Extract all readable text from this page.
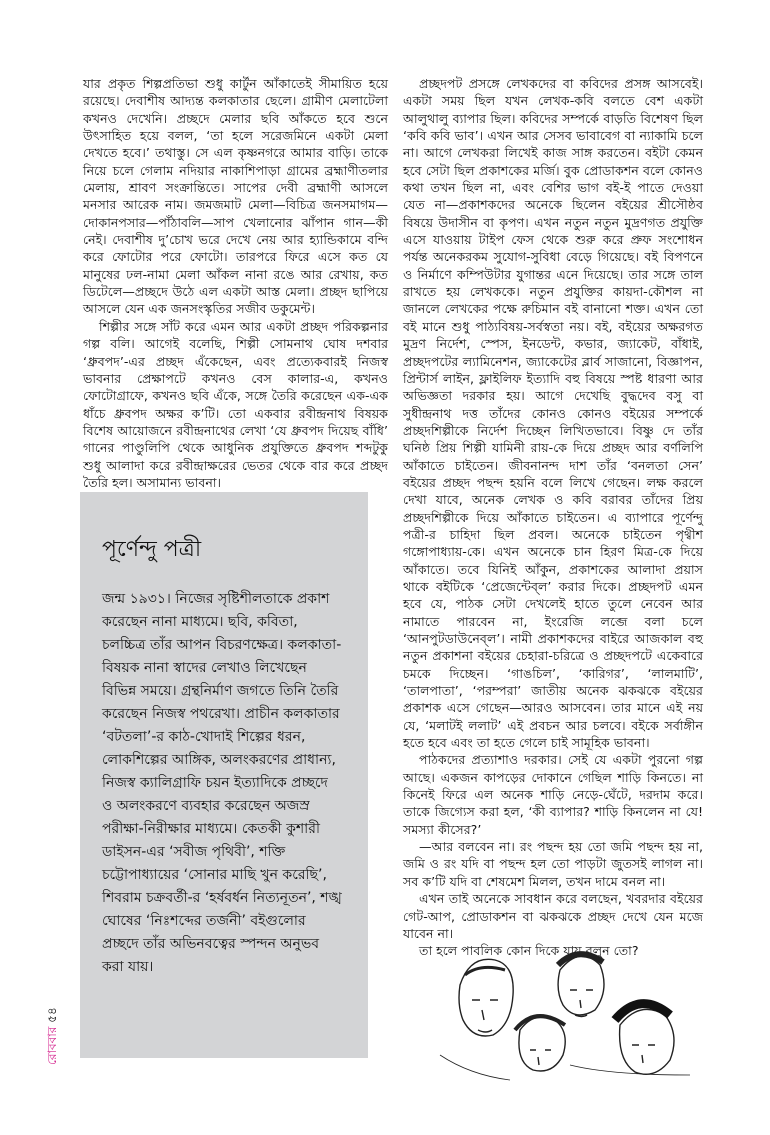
যার প্রকৃত শিল্পপ্রতিভা শুধু কার্টুন আঁকাতেই সীমায়িত হয়ে রয়েছে। দেবাশীষ আদ্যন্ত কলকাতার ছেলে। গ্রামীণ মেলাটেলা কখনও দেখেনি। প্রচ্ছদে মেলার ছবি আঁকতে হবে শুনে উৎসাহিত হয়ে বলল, ‘তা হলে সরেজমিনে একটা মেলা দেখতে হবে।’ তথাস্তু। সে এল কৃষ্ণনগরে আমার বাড়ি। তাকে নিয়ে চলে গেলাম নদিয়ার নাকাশিপাড়া গ্রামের ব্রহ্মাণীতলার মেলায়, শ্রাবণ সংক্রান্তিতে। সাপের দেবী ব্রহ্মাণী আসলে মনসার আরেক নাম। জমজমাট মেলা—বিচিত্র জনসমাগম— দোকানপসার—পাঁঠাবলি—সাপ খেলানোর ঝাঁপান গান—কী নেই। দেবাশীষ দু’চোখ ভরে দেখে নেয় আর হ্যান্ডিকামে বন্দি করে ফোটোর পরে ফোটো। তারপরে ফিরে এসে কত যে মানুষের ঢল-নামা মেলা আঁকল নানা রঙে আর রেখায়, কত ডিটেলে—প্রচ্ছদে উঠে এল একটা আস্ত মেলা। প্রচ্ছদ ছাপিয়ে আসলে যেন এক জনসংস্কৃতির সজীব ডকুমেন্ট।

শিল্পীর সঙ্গে সাঁট করে এমন আর একটা প্রচ্ছদ পরিকল্পনার গল্প বলি। আগেই বলেছি, শিল্পী সোমনাথ ঘোষ দশবার ‘ধ্রুবপদ’-এর প্রচ্ছদ এঁকেছেন, এবং প্রত্যেকবারই নিজস্ব ভাবনার প্রেক্ষাপটে কখনও বেস কালার-এ, কখনও ফোটোগ্রাফে, কখনও ছবি এঁকে, সঙ্গে তৈরি করেছেন এক-এক ধাঁচে ধ্রুবপদ অক্ষর ক’টি। তো একবার রবীন্দ্রনাথ বিষয়ক বিশেষ আয়োজনে রবীন্দ্রনাথের লেখা ‘যে ধ্রুবপদ দিয়েছ বাঁধি’ গানের পাণ্ডুলিপি থেকে আধুনিক প্রযুক্তিতে ধ্রুবপদ শব্দটুকু শুধু আলাদা করে রবীন্দ্রাক্ষরের ভেতর থেকে বার করে প্রচ্ছদ তৈরি হল। অসামান্য ভাবনা।

পূর্ণেন্দু পত্রী
জন্ম ১৯৩১। নিজের সৃষ্টিশীলতাকে প্রকাশ করেছেন নানা মাধ্যমে। ছবি, কবিতা, চলচ্চিত্র তাঁর আপন বিচরণক্ষেত্র। কলকাতা-বিষয়ক নানা স্বাদের লেখাও লিখেছেন বিভিন্ন সময়ে। গ্রন্থনির্মাণ জগতে তিনি তৈরি করেছেন নিজস্ব পথরেখা। প্রাচীন কলকাতার ‘বটতলা’-র কাঠ-খোদাই শিল্পের ধরন, লোকশিল্পের আঙ্গিক, অলংকরণের প্রাধান্য, নিজস্ব ক্যালিগ্রাফি চয়ন ইত্যাদিকে প্রচ্ছদে ও অলংকরণে ব্যবহার করেছেন অজস্র পরীক্ষা-নিরীক্ষার মাধ্যমে। কেতকী কুশারী ডাইসন-এর ‘সবীজ পৃথিবী’, শক্তি চট্টোপাধ্যায়ের ‘সোনার মাছি খুন করেছি’, শিবরাম চক্রবর্তী-র ‘হর্ষবর্ধন নিত্যনূতন’, শঙ্খ ঘোষের ‘নিঃশব্দের তর্জনী’ বইগুলোর প্রচ্ছদে তাঁর অভিনবত্বের স্পন্দন অনুভব করা যায়।

প্রচ্ছদপট প্রসঙ্গে লেখকদের বা কবিদের প্রসঙ্গ আসবেই। একটা সময় ছিল যখন লেখক-কবি বলতে বেশ একটা আলুথালু ব্যাপার ছিল। কবিদের সম্পর্কে বাড়তি বিশেষণ ছিল ‘কবি কবি ভাব’। এখন আর সেসব ভাবাবেগ বা ন্যাকামি চলে না। আগে লেখকরা লিখেই কাজ সাঙ্গ করতেন। বইটা কেমন হবে সেটা ছিল প্রকাশকের মর্জি। বুক প্রোডাকশন বলে কোনও কথা তখন ছিল না, এবং বেশির ভাগ বই-ই পাতে দেওয়া যেত না—প্রকাশকদের অনেকে ছিলেন বইয়ের শ্রীসৌষ্ঠব বিষয়ে উদাসীন বা কৃপণ। এখন নতুন নতুন মুদ্রণগত প্রযুক্তি এসে যাওয়ায় টাইপ ফেস থেকে শুরু করে প্রুফ সংশোধন পর্যন্ত অনেকরকম সুযোগ-সুবিধা বেড়ে গিয়েছে। বই বিপণনে ও নির্মাণে কম্পিউটার যুগান্তর এনে দিয়েছে। তার সঙ্গে তাল রাখতে হয় লেখককে। নতুন প্রযুক্তির কায়দা-কৌশল না জানলে লেখকের পক্ষে রুচিমান বই বানানো শক্ত। এখন তো বই মানে শুধু পাঠ্যবিষয়-সর্বস্বতা নয়। বই, বইয়ের অক্ষরগত মুদ্রণ নির্দেশ, স্পেস, ইনডেন্ট, কভার, জ্যাকেট, বাঁধাই, প্রচ্ছদপটের ল্যামিনেশন, জ্যাকেটের ব্লার্ব সাজানো, বিজ্ঞাপন, প্রিন্টার্স লাইন, ফ্লাইলিফ ইত্যাদি বহু বিষয়ে স্পষ্ট ধারণা আর অভিজ্ঞতা দরকার হয়। আগে দেখেছি বুদ্ধদেব বসু বা সুধীন্দ্রনাথ দত্ত তাঁদের কোনও কোনও বইয়ের সম্পর্কে প্রচ্ছদশিল্পীকে নির্দেশ দিচ্ছেন লিখিতভাবে। বিষ্ণু দে তাঁর ঘনিষ্ঠ প্রিয় শিল্পী যামিনী রায়-কে দিয়ে প্রচ্ছদ আর বর্ণলিপি আঁকাতে চাইতেন। জীবনানন্দ দাশ তাঁর ‘বনলতা সেন’ বইয়ের প্রচ্ছদ পছন্দ হয়নি বলে লিখে গেছেন। লক্ষ করলে দেখা যাবে, অনেক লেখক ও কবি বরাবর তাঁদের প্রিয় প্রচ্ছদশিল্পীকে দিয়ে আঁকাতে চাইতেন। এ ব্যাপারে পূর্ণেন্দু পত্রী-র চাহিদা ছিল প্রবল। অনেকে চাইতেন পৃথ্বীশ গঙ্গোপাধ্যায়-কে। এখন অনেকে চান হিরণ মিত্র-কে দিয়ে আঁকাতে। তবে যিনিই আঁকুন, প্রকাশকের আলাদা প্রয়াস থাকে বইটিকে ‘প্রেজেন্টেব্‌ল’ করার দিকে। প্রচ্ছদপট এমন হবে যে, পাঠক সেটা দেখলেই হাতে তুলে নেবেন আর নামাতে পারবেন না, ইংরেজি লব্জে বলা চলে ‘আনপুটডাউনেব্‌ল’। নামী প্রকাশকদের বাইরে আজকাল বহু নতুন প্রকাশনা বইয়ের চেহারা-চরিত্রে ও প্রচ্ছদপটে একেবারে চমকে দিচ্ছেন। ‘গাঙচিল’, ‘কারিগর’, ‘লালমাটি’, ‘তালপাতা’, ‘পরম্পরা’ জাতীয় অনেক ঝকঝকে বইয়ের প্রকাশক এসে গেছেন—আরও আসবেন। তার মানে এই নয় যে, ‘মলাটই ললাট’ এই প্রবচন আর চলবে। বইকে সর্বাঙ্গীন হতে হবে এবং তা হতে গেলে চাই সামূহিক ভাবনা।

পাঠকদের প্রত্যাশাও দরকার। সেই যে একটা পুরনো গল্প আছে। একজন কাপড়ের দোকানে গেছিল শাড়ি কিনতে। না কিনেই ফিরে এল অনেক শাড়ি নেড়ে-ঘেঁটে, দরদাম করে। তাকে জিগ্যেস করা হল, ‘কী ব্যাপার? শাড়ি কিনলেন না যে! সমস্যা কীসের?’

—আর বলবেন না। রং পছন্দ হয় তো জমি পছন্দ হয় না, জমি ও রং যদি বা পছন্দ হল তো পাড়টা জুতসই লাগল না। সব ক’টি যদি বা শেষমেশ মিলল, তখন দামে বনল না।

এখন তাই অনেকে সাবধান করে বলছেন, খবরদার বইয়ের গেট-আপ, প্রোডাকশন বা ঝকঝকে প্রচ্ছদ দেখে যেন মজে যাবেন না।

তা হলে পাবলিক কোন দিকে যায় বলুন তো?

রোববার ৫৪
